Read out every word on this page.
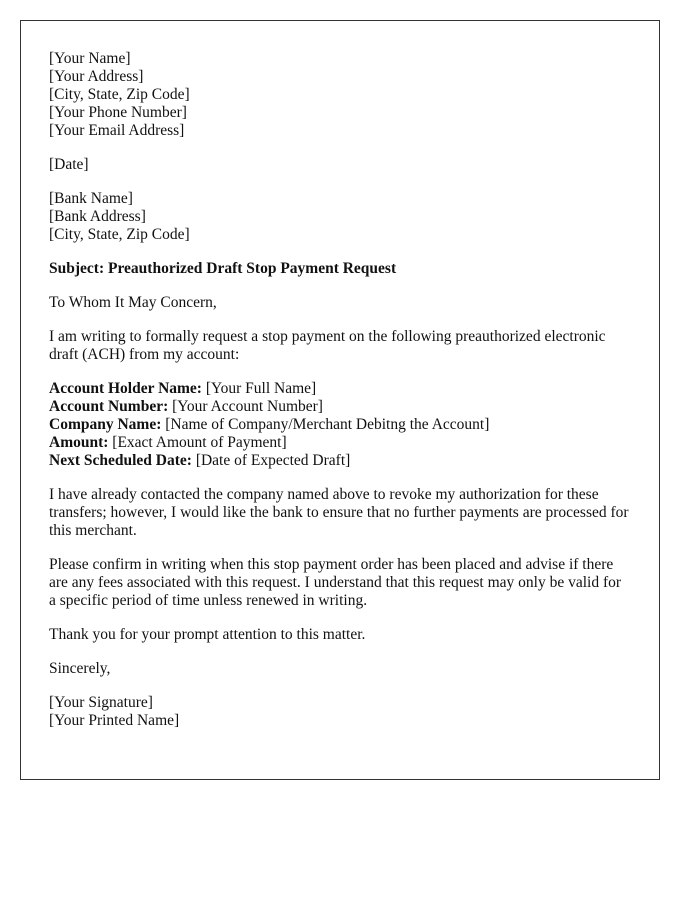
[Your Name]
[Your Address]
[City, State, Zip Code]
[Your Phone Number]
[Your Email Address]
[Date]
[Bank Name]
[Bank Address]
[City, State, Zip Code]
Subject: Preauthorized Draft Stop Payment Request
To Whom It May Concern,
I am writing to formally request a stop payment on the following preauthorized electronic draft (ACH) from my account:
Account Holder Name: [Your Full Name]
Account Number: [Your Account Number]
Company Name: [Name of Company/Merchant Debitng the Account]
Amount: [Exact Amount of Payment]
Next Scheduled Date: [Date of Expected Draft]
I have already contacted the company named above to revoke my authorization for these transfers; however, I would like the bank to ensure that no further payments are processed for this merchant.
Please confirm in writing when this stop payment order has been placed and advise if there are any fees associated with this request. I understand that this request may only be valid for a specific period of time unless renewed in writing.
Thank you for your prompt attention to this matter.
Sincerely,
[Your Signature]
[Your Printed Name]
